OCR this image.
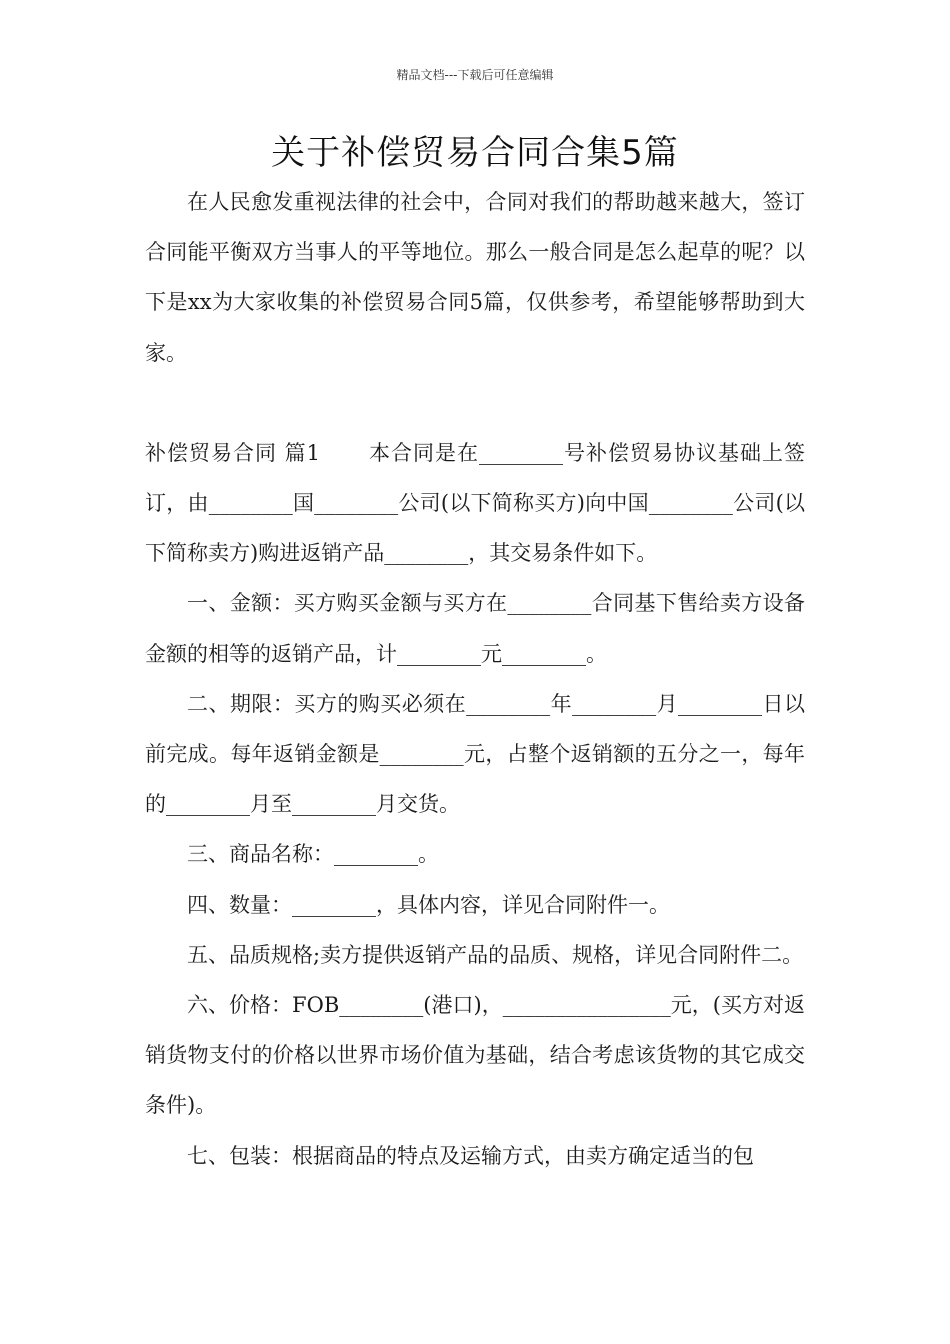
精品文档---下载后可任意编辑
关于补偿贸易合同合集5篇

在人民愈发重视法律的社会中，合同对我们的帮助越来越大，签订合同能平衡双方当事人的平等地位。那么一般合同是怎么起草的呢？以下是xx为大家收集的补偿贸易合同5篇，仅供参考，希望能够帮助到大家。

补偿贸易合同 篇1 本合同是在________号补偿贸易协议基础上签订，由________国________公司(以下简称买方)向中国________公司(以下简称卖方)购进返销产品________，其交易条件如下。

一、金额：买方购买金额与买方在________合同基下售给卖方设备金额的相等的返销产品，计________元________。

二、期限：买方的购买必须在________年________月________日以前完成。每年返销金额是________元，占整个返销额的五分之一，每年的________月至________月交货。

三、商品名称：________。

四、数量：________，具体内容，详见合同附件一。

五、品质规格;卖方提供返销产品的品质、规格，详见合同附件二。

六、价格：FOB________(港口)，________________元，(买方对返销货物支付的价格以世界市场价值为基础，结合考虑该货物的其它成交条件)。

七、包装：根据商品的特点及运输方式，由卖方确定适当的包
